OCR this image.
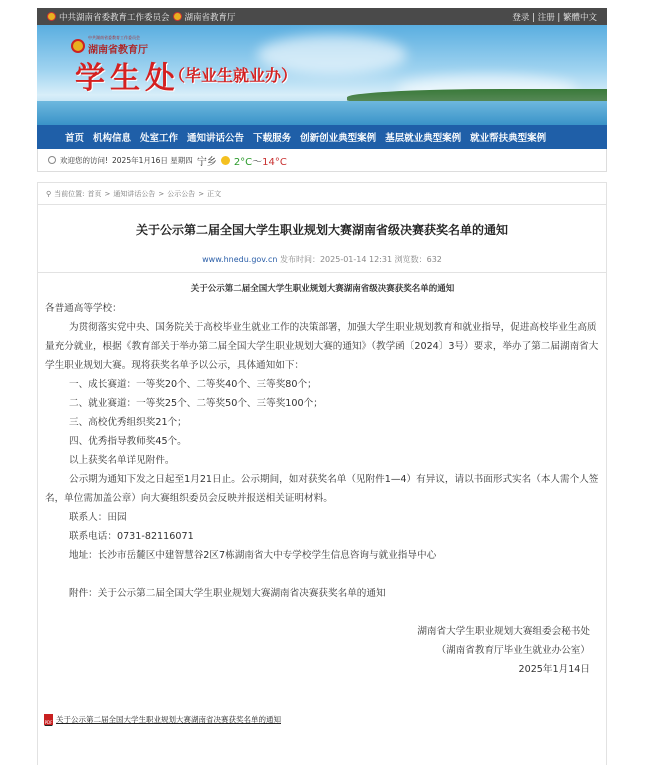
中共湖南省委教育工作委员会 湖南省教育厅	登录 | 注册 | 繁體中文
中共湖南省委教育工作委员会
湖南省教育厅
学生处
（毕业生就业办）
首页 机构信息 处室工作 通知讲话公告 下载服务 创新创业典型案例 基层就业典型案例 就业帮扶典型案例
欢迎您的访问! 2025年1月16日 星期四 宁乡 2°C～14°C
⚲ 当前位置: 首页 > 通知讲话公告 > 公示公告 > 正文
关于公示第二届全国大学生职业规划大赛湖南省级决赛获奖名单的通知
www.hnedu.gov.cn 发布时间：2025-01-14 12:31 浏览数：632
关于公示第二届全国大学生职业规划大赛湖南省级决赛获奖名单的通知
各普通高等学校：
为贯彻落实党中央、国务院关于高校毕业生就业工作的决策部署，加强大学生职业规划教育和就业指导，促进高校毕业生高质量充分就业，根据《教育部关于举办第二届全国大学生职业规划大赛的通知》（教学函〔2024〕3号）要求，举办了第二届湖南省大学生职业规划大赛。现将获奖名单予以公示，具体通知如下：
一、成长赛道：一等奖20个、二等奖40个、三等奖80个；
二、就业赛道：一等奖25个、二等奖50个、三等奖100个；
三、高校优秀组织奖21个；
四、优秀指导教师奖45个。
以上获奖名单详见附件。
公示期为通知下发之日起至1月21日止。公示期间，如对获奖名单（见附件1—4）有异议，请以书面形式实名（本人需个人签名，单位需加盖公章）向大赛组织委员会反映并报送相关证明材料。
联系人：田园
联系电话：0731-82116071
地址：长沙市岳麓区中建智慧谷2区7栋湖南省大中专学校学生信息咨询与就业指导中心
附件：关于公示第二届全国大学生职业规划大赛湖南省决赛获奖名单的通知
湖南省大学生职业规划大赛组委会秘书处
（湖南省教育厅毕业生就业办公室）
2025年1月14日
PDF 关于公示第二届全国大学生职业规划大赛湖南省决赛获奖名单的通知
